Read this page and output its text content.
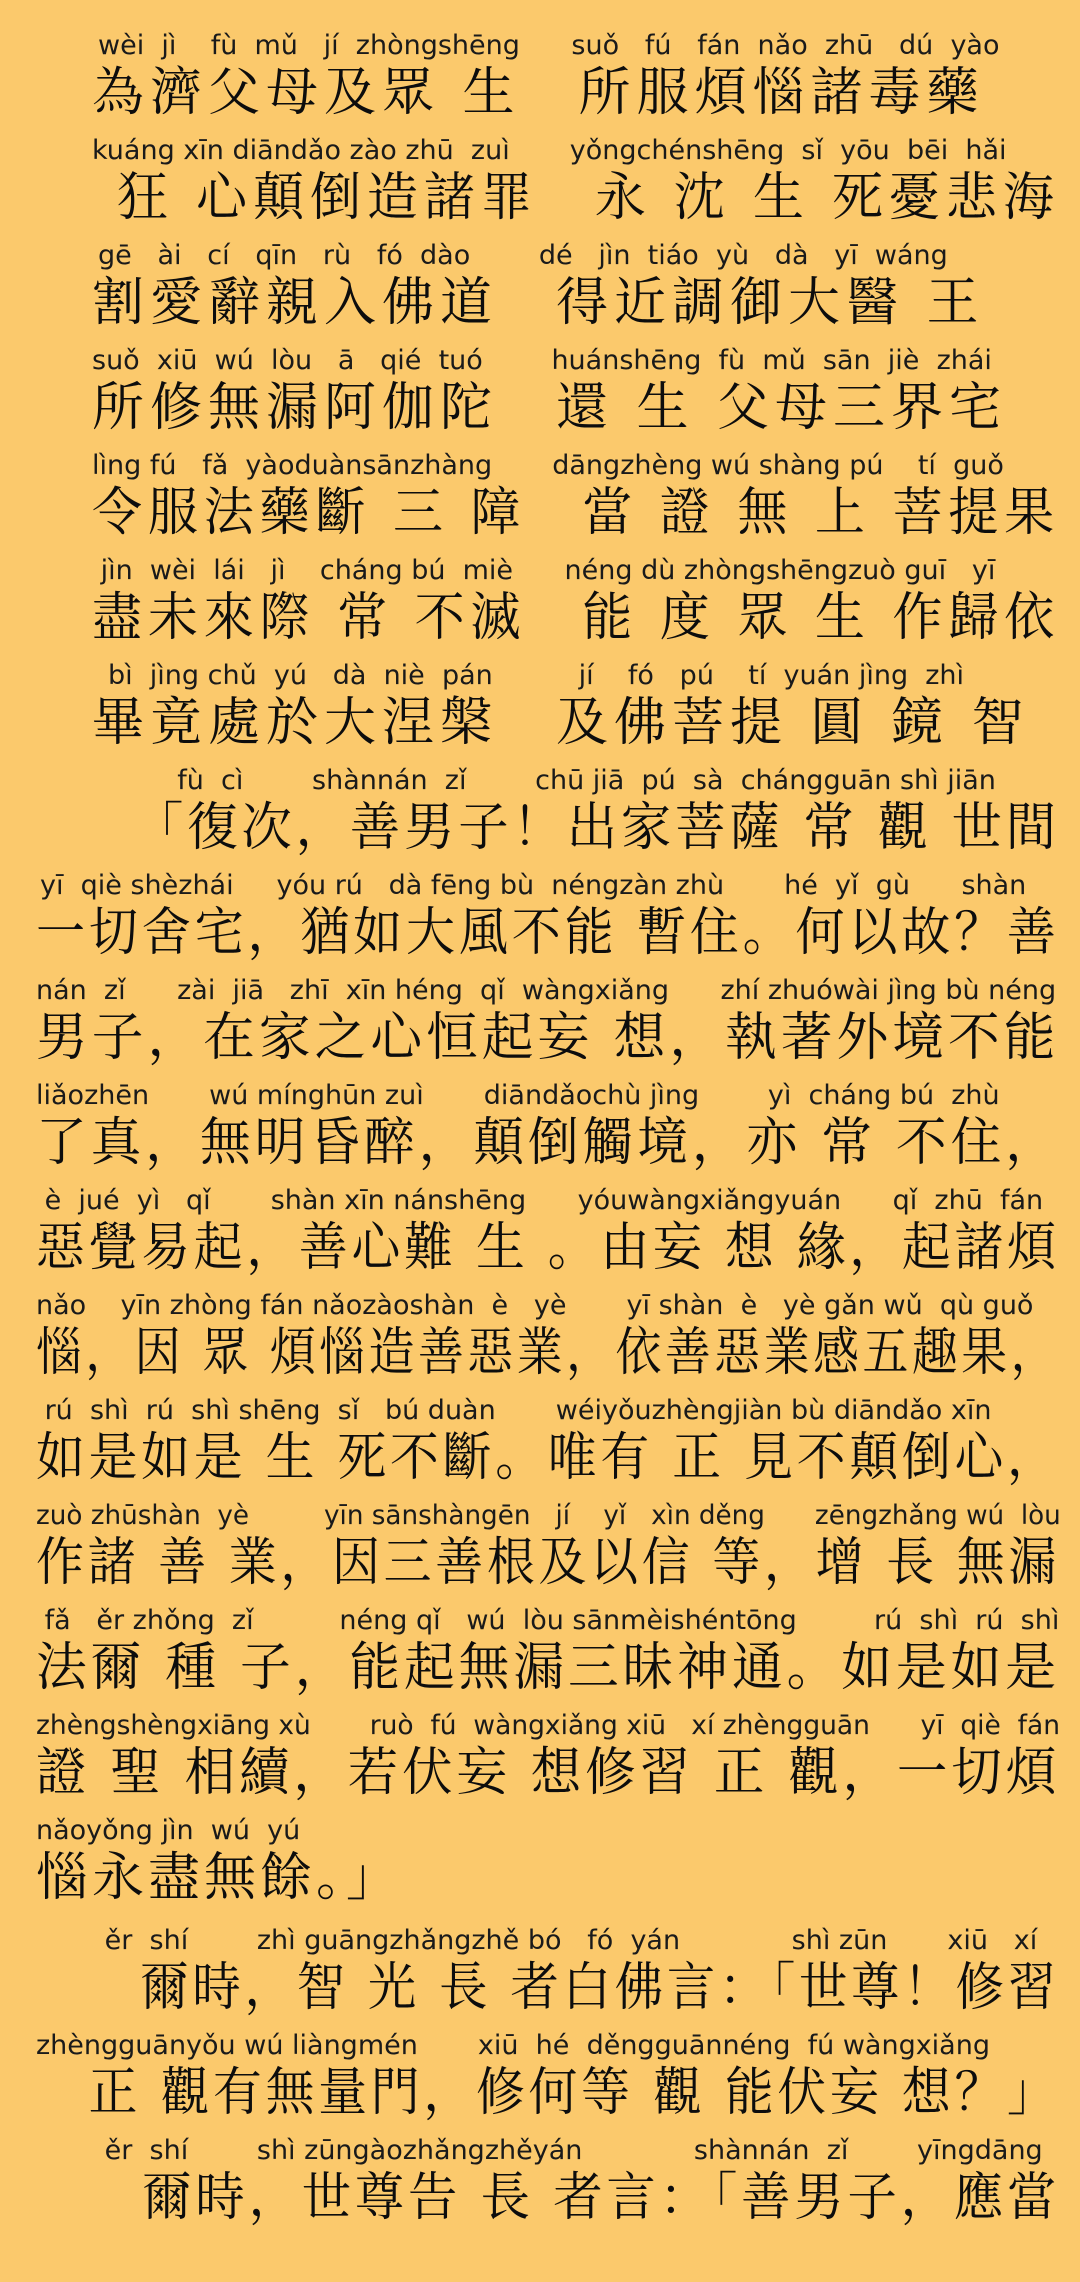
wèi  jì    fù  mǔ   jí  zhòngshēng      suǒ   fú   fán  nǎo  zhū   dú  yào
為濟父母及眾 生　所服煩惱諸毒藥
kuáng xīn diāndǎo zào zhū  zuì       yǒngchénshēng  sǐ  yōu  bēi  hǎi
　狂 心顛倒造諸罪　永 沈 生 死憂悲海
gē   ài   cí   qīn   rù   fó  dào        dé   jìn  tiáo  yù   dà   yī  wáng
割愛辭親入佛道　得近調御大醫 王
suǒ  xiū  wú  lòu   ā   qié  tuó        huánshēng  fù  mǔ  sān  jiè  zhái
所修無漏阿伽陀　還 生 父母三界宅
lìng fú   fǎ  yàoduànsānzhàng       dāngzhèng wú shàng pú    tí  guǒ
令服法藥斷 三 障　當 證 無 上 菩提果
jìn  wèi  lái   jì    cháng bú  miè      néng dù zhòngshēngzuò guī   yī
盡未來際 常 不滅　能 度 眾 生 作歸依
bì  jìng chǔ  yú   dà  niè  pán          jí    fó   pú    tí  yuán jìng  zhì
畢竟處於大涅槃　及佛菩提 圓 鏡 智
fù  cì        shànnán  zǐ        chū jiā  pú  sà  chángguān shì jiān
　「復次，善男子！出家菩薩 常 觀 世間
yī  qiè shèzhái     yóu rú   dà fēng bù  néngzàn zhù       hé  yǐ  gù      shàn
一切舍宅，猶如大風不能 暫住。何以故？善
nán  zǐ      zài  jiā   zhī  xīn héng  qǐ  wàngxiǎng      zhí zhuówài jìng bù néng
男子，在家之心恒起妄 想，執著外境不能
liǎozhēn       wú mínghūn zuì       diāndǎochù jìng        yì  cháng bú  zhù
了真，無明昏醉，顛倒觸境，亦 常 不住，
è  jué  yì   qǐ       shàn xīn nánshēng      yóuwàngxiǎngyuán      qǐ  zhū  fán
惡覺易起，善心難 生 。由妄 想 緣，起諸煩
nǎo    yīn zhòng fán nǎozàoshàn  è   yè       yī shàn  è   yè gǎn wǔ  qù guǒ
惱，因 眾 煩惱造善惡業，依善惡業感五趣果，
rú  shì  rú  shì shēng  sǐ   bú duàn       wéiyǒuzhèngjiàn bù diāndǎo xīn
如是如是 生 死不斷。唯有 正 見不顛倒心，
zuò zhūshàn  yè         yīn sānshàngēn   jí    yǐ   xìn děng      zēngzhǎng wú  lòu
作諸 善 業，因三善根及以信 等，增 長 無漏
fǎ   ěr zhǒng  zǐ          néng qǐ   wú  lòu sānmèishéntōng         rú  shì  rú  shì
法爾 種 子，能起無漏三昧神通。如是如是
zhèngshèngxiāng xù       ruò  fú  wàngxiǎng xiū   xí zhèngguān      yī  qiè  fán
證 聖 相續，若伏妄 想修習 正 觀，一切煩
nǎoyǒng jìn  wú  yú
惱永盡無餘。」
ěr  shí        zhì guāngzhǎngzhě bó   fó  yán             shì zūn       xiū   xí
　　爾時，智 光 長 者白佛言：「世尊！修習
zhèngguānyǒu wú liàngmén       xiū  hé  děngguānnéng  fú wàngxiǎng
　正 觀有無量門，修何等 觀 能伏妄 想？」
ěr  shí        shì zūngàozhǎngzhěyán             shànnán  zǐ        yīngdāng
　　爾時，世尊告 長 者言：「善男子，應當
